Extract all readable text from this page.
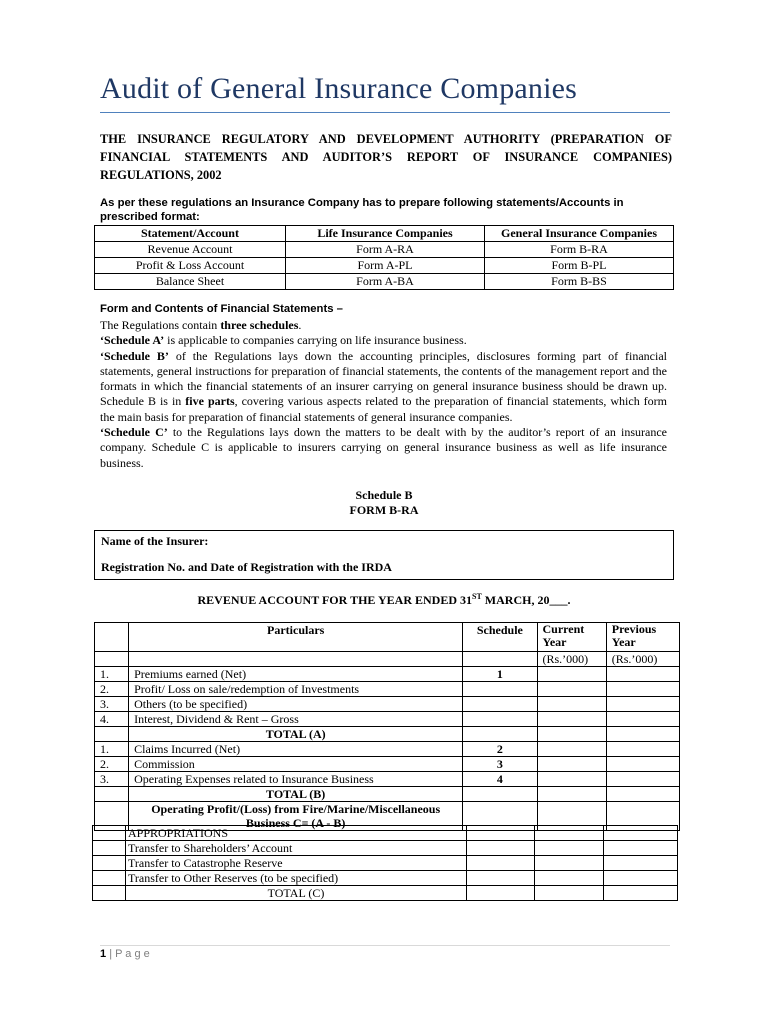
Audit of General Insurance Companies

THE INSURANCE REGULATORY AND DEVELOPMENT AUTHORITY (PREPARATION OF FINANCIAL STATEMENTS AND AUDITOR’S REPORT OF INSURANCE COMPANIES) REGULATIONS, 2002

As per these regulations an Insurance Company has to prepare following statements/Accounts in prescribed format:

Statement/Account	Life Insurance Companies	General Insurance Companies
Revenue Account	Form A-RA	Form B-RA
Profit & Loss Account	Form A-PL	Form B-PL
Balance Sheet	Form A-BA	Form B-BS

Form and Contents of Financial Statements –

The Regulations contain three schedules.

‘Schedule A’ is applicable to companies carrying on life insurance business.

‘Schedule B’ of the Regulations lays down the accounting principles, disclosures forming part of financial statements, general instructions for preparation of financial statements, the contents of the management report and the formats in which the financial statements of an insurer carrying on general insurance business should be drawn up. Schedule B is in five parts, covering various aspects related to the preparation of financial statements, which form the main basis for preparation of financial statements of general insurance companies.

‘Schedule C’ to the Regulations lays down the matters to be dealt with by the auditor’s report of an insurance company. Schedule C is applicable to insurers carrying on general insurance business as well as life insurance business.

Schedule B

FORM B-RA

Name of the Insurer:
Registration No. and Date of Registration with the IRDA
REVENUE ACCOUNT FOR THE YEAR ENDED 31ST MARCH, 20___.
	Particulars	Schedule	Current Year	Previous Year
			(Rs.’000)	(Rs.’000)
1.	Premiums earned (Net)	1		
2.	Profit/ Loss on sale/redemption of Investments			
3.	Others (to be specified)			
4.	Interest, Dividend & Rent – Gross			
	TOTAL (A)			
1.	Claims Incurred (Net)	2		
2.	Commission	3		
3.	Operating Expenses related to Insurance Business	4		
	TOTAL (B)			
	Operating Profit/(Loss) from Fire/Marine/Miscellaneous
Business C= (A - B)			
	APPROPRIATIONS			
	Transfer to Shareholders’ Account			
	Transfer to Catastrophe Reserve			
	Transfer to Other Reserves (to be specified)			
	TOTAL (C)			
1 | P a g e
